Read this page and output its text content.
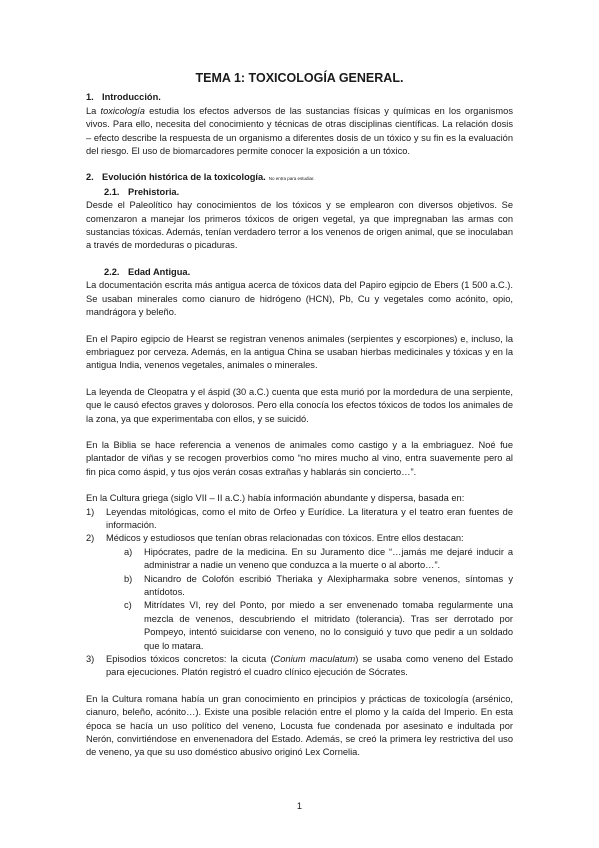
TEMA 1: TOXICOLOGÍA GENERAL.
1. Introducción.

La toxicología estudia los efectos adversos de las sustancias físicas y químicas en los organismos vivos. Para ello, necesita del conocimiento y técnicas de otras disciplinas científicas. La relación dosis – efecto describe la respuesta de un organismo a diferentes dosis de un tóxico y su fin es la evaluación del riesgo. El uso de biomarcadores permite conocer la exposición a un tóxico.

2. Evolución histórica de la toxicología. No entra para estudiar.
2.1. Prehistoria.

Desde el Paleolítico hay conocimientos de los tóxicos y se emplearon con diversos objetivos. Se comenzaron a manejar los primeros tóxicos de origen vegetal, ya que impregnaban las armas con sustancias tóxicas. Además, tenían verdadero terror a los venenos de origen animal, que se inoculaban a través de mordeduras o picaduras.

2.2. Edad Antigua.

La documentación escrita más antigua acerca de tóxicos data del Papiro egipcio de Ebers (1 500 a.C.). Se usaban minerales como cianuro de hidrógeno (HCN), Pb, Cu y vegetales como acónito, opio, mandrágora y beleño.

En el Papiro egipcio de Hearst se registran venenos animales (serpientes y escorpiones) e, incluso, la embriaguez por cerveza. Además, en la antigua China se usaban hierbas medicinales y tóxicas y en la antigua India, venenos vegetales, animales o minerales.

La leyenda de Cleopatra y el áspid (30 a.C.) cuenta que esta murió por la mordedura de una serpiente, que le causó efectos graves y dolorosos. Pero ella conocía los efectos tóxicos de todos los animales de la zona, ya que experimentaba con ellos, y se suicidó.

En la Biblia se hace referencia a venenos de animales como castigo y a la embriaguez. Noé fue plantador de viñas y se recogen proverbios como “no mires mucho al vino, entra suavemente pero al fin pica como áspid, y tus ojos verán cosas extrañas y hablarás sin concierto…”.

En la Cultura griega (siglo VII – II a.C.) había información abundante y dispersa, basada en:

1) Leyendas mitológicas, como el mito de Orfeo y Eurídice. La literatura y el teatro eran fuentes de información.
2) Médicos y estudiosos que tenían obras relacionadas con tóxicos. Entre ellos destacan:
a) Hipócrates, padre de la medicina. En su Juramento dice “…jamás me dejaré inducir a administrar a nadie un veneno que conduzca a la muerte o al aborto…”.
b) Nicandro de Colofón escribió Theriaka y Alexipharmaka sobre venenos, síntomas y antídotos.
c) Mitrídates VI, rey del Ponto, por miedo a ser envenenado tomaba regularmente una mezcla de venenos, descubriendo el mitridato (tolerancia). Tras ser derrotado por Pompeyo, intentó suicidarse con veneno, no lo consiguió y tuvo que pedir a un soldado que lo matara.
3) Episodios tóxicos concretos: la cicuta (Conium maculatum) se usaba como veneno del Estado para ejecuciones. Platón registró el cuadro clínico ejecución de Sócrates.

En la Cultura romana había un gran conocimiento en principios y prácticas de toxicología (arsénico, cianuro, beleño, acónito…). Existe una posible relación entre el plomo y la caída del Imperio. En esta época se hacía un uso político del veneno, Locusta fue condenada por asesinato e indultada por Nerón, convirtiéndose en envenenadora del Estado. Además, se creó la primera ley restrictiva del uso de veneno, ya que su uso doméstico abusivo originó Lex Cornelia.

1
